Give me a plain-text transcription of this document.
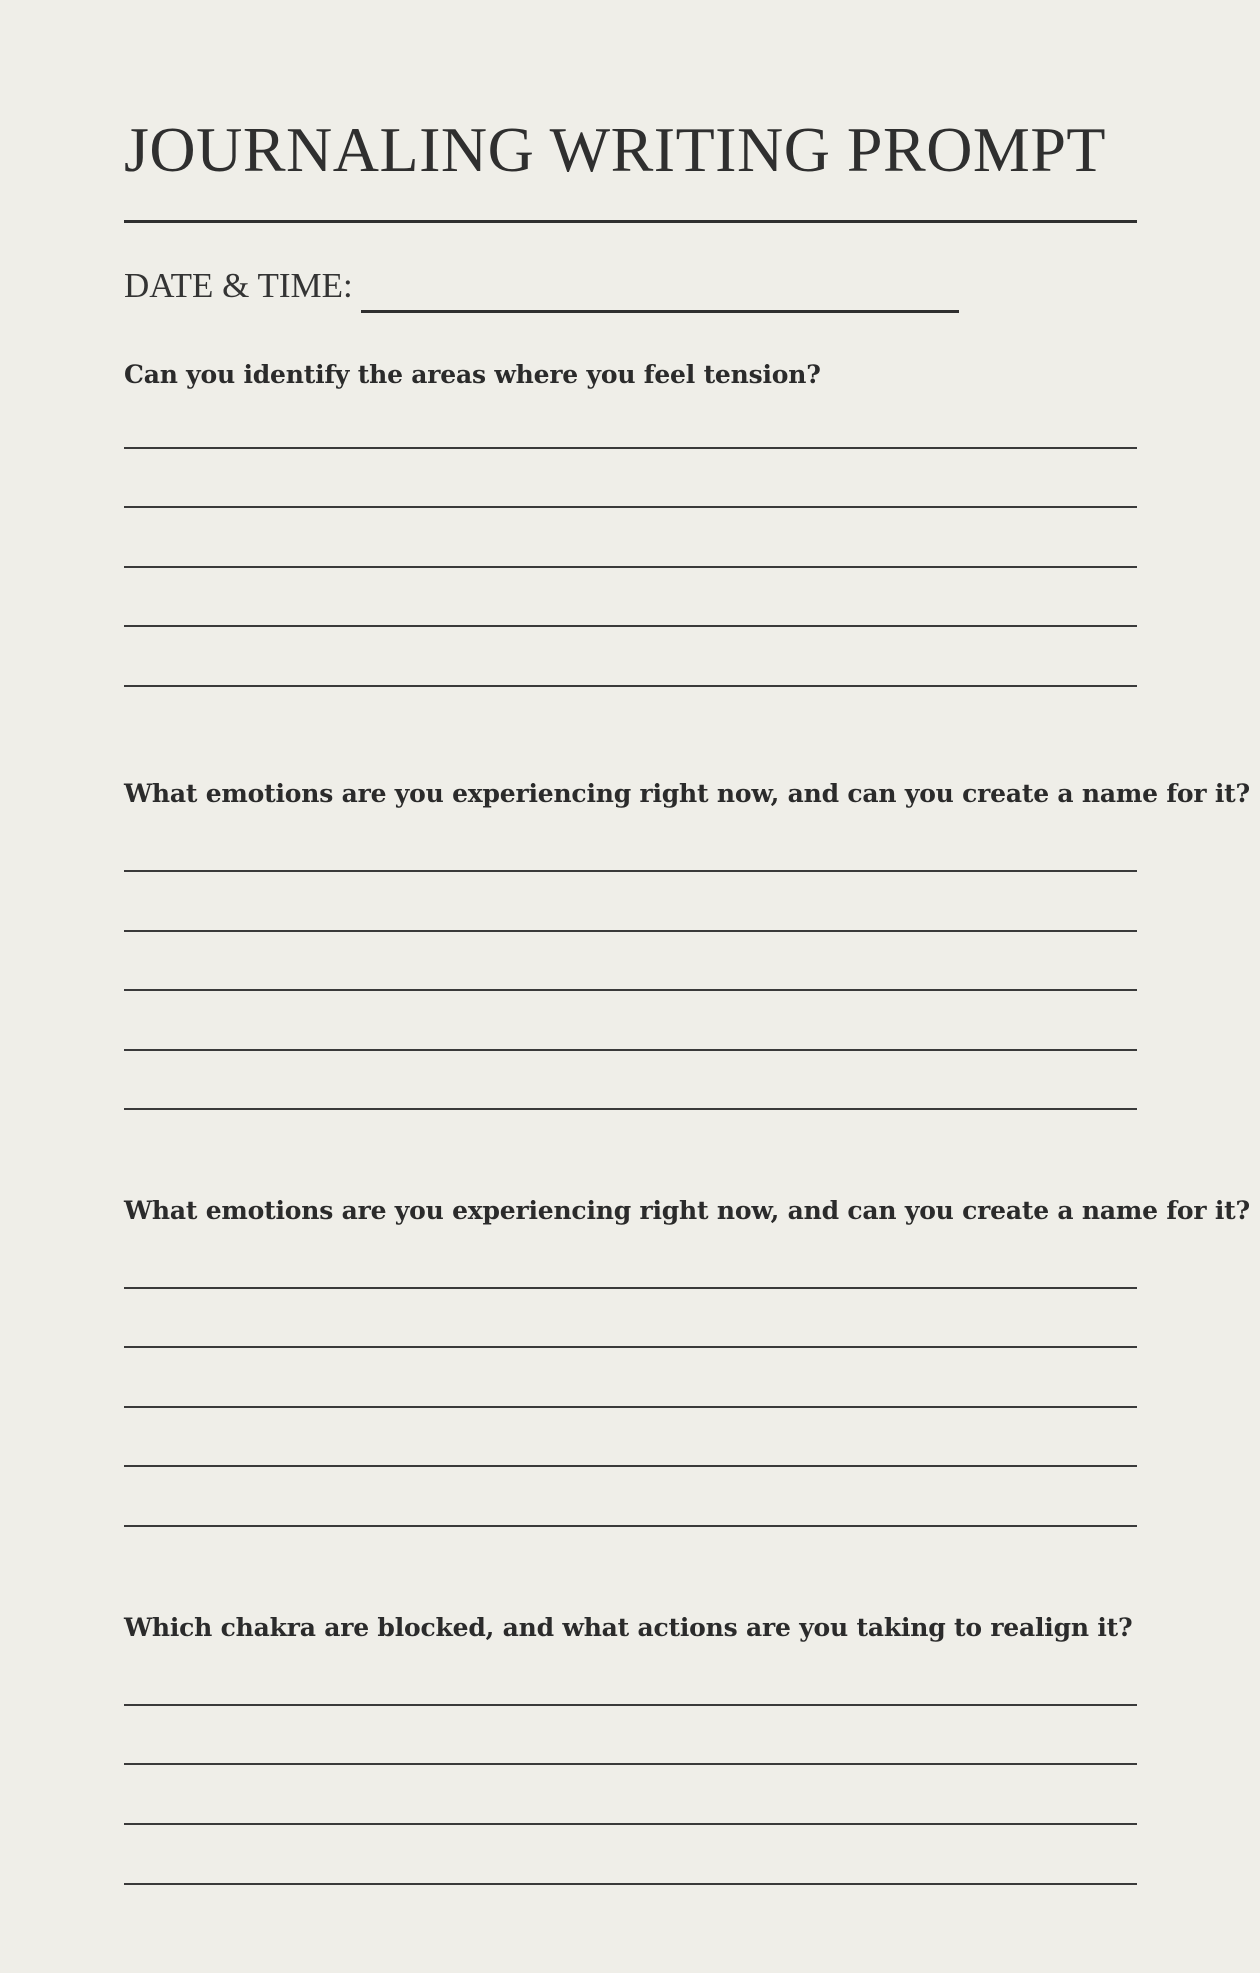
JOURNALING WRITING PROMPT
DATE & TIME:
Can you identify the areas where you feel tension?
What emotions are you experiencing right now, and can you create a name for it?
What emotions are you experiencing right now, and can you create a name for it?
Which chakra are blocked, and what actions are you taking to realign it?
